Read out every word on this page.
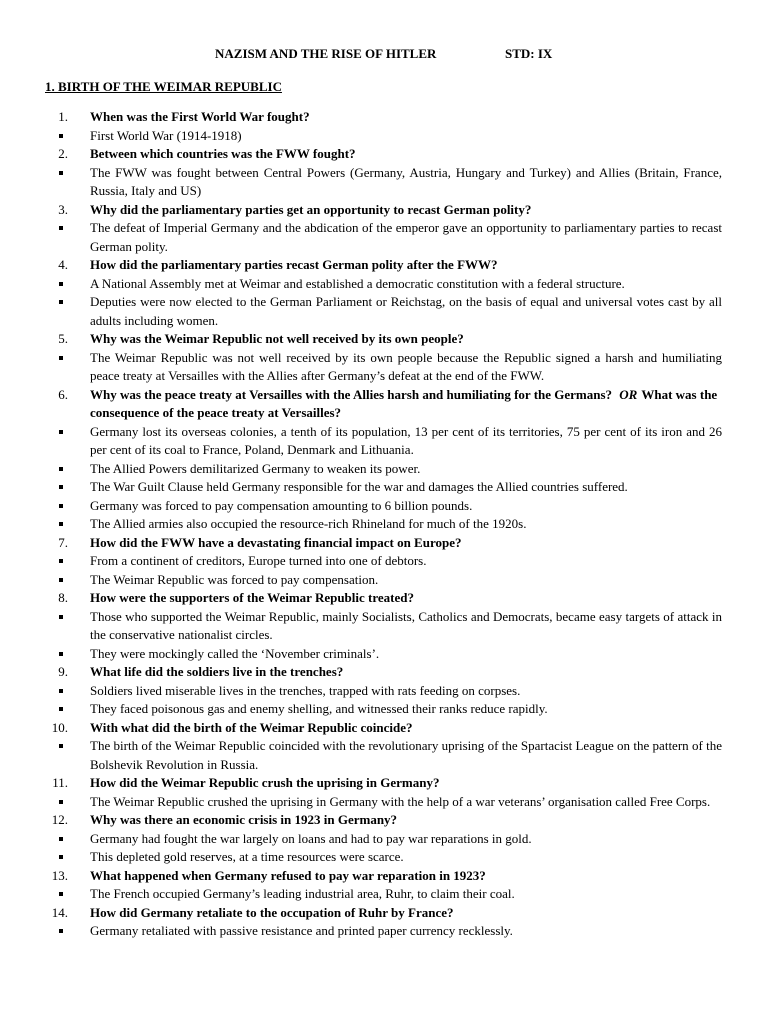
NAZISM AND THE RISE OF HITLER	STD: IX
1. BIRTH OF THE WEIMAR REPUBLIC
1. When was the First World War fought?
First World War (1914-1918)
2. Between which countries was the FWW fought?
The FWW was fought between Central Powers (Germany, Austria, Hungary and Turkey) and Allies (Britain, France, Russia, Italy and US)
3. Why did the parliamentary parties get an opportunity to recast German polity?
The defeat of Imperial Germany and the abdication of the emperor gave an opportunity to parliamentary parties to recast German polity.
4. How did the parliamentary parties recast German polity after the FWW?
A National Assembly met at Weimar and established a democratic constitution with a federal structure.
Deputies were now elected to the German Parliament or Reichstag, on the basis of equal and universal votes cast by all adults including women.
5. Why was the Weimar Republic not well received by its own people?
The Weimar Republic was not well received by its own people because the Republic signed a harsh and humiliating peace treaty at Versailles with the Allies after Germany’s defeat at the end of the FWW.
6. Why was the peace treaty at Versailles with the Allies harsh and humiliating for the Germans? OR What was the consequence of the peace treaty at Versailles?
Germany lost its overseas colonies, a tenth of its population, 13 per cent of its territories, 75 per cent of its iron and 26 per cent of its coal to France, Poland, Denmark and Lithuania.
The Allied Powers demilitarized Germany to weaken its power.
The War Guilt Clause held Germany responsible for the war and damages the Allied countries suffered.
Germany was forced to pay compensation amounting to 6 billion pounds.
The Allied armies also occupied the resource-rich Rhineland for much of the 1920s.
7. How did the FWW have a devastating financial impact on Europe?
From a continent of creditors, Europe turned into one of debtors.
The Weimar Republic was forced to pay compensation.
8. How were the supporters of the Weimar Republic treated?
Those who supported the Weimar Republic, mainly Socialists, Catholics and Democrats, became easy targets of attack in the conservative nationalist circles.
They were mockingly called the ‘November criminals’.
9. What life did the soldiers live in the trenches?
Soldiers lived miserable lives in the trenches, trapped with rats feeding on corpses.
They faced poisonous gas and enemy shelling, and witnessed their ranks reduce rapidly.
10. With what did the birth of the Weimar Republic coincide?
The birth of the Weimar Republic coincided with the revolutionary uprising of the Spartacist League on the pattern of the Bolshevik Revolution in Russia.
11. How did the Weimar Republic crush the uprising in Germany?
The Weimar Republic crushed the uprising in Germany with the help of a war veterans’ organisation called Free Corps.
12. Why was there an economic crisis in 1923 in Germany?
Germany had fought the war largely on loans and had to pay war reparations in gold.
This depleted gold reserves, at a time resources were scarce.
13. What happened when Germany refused to pay war reparation in 1923?
The French occupied Germany’s leading industrial area, Ruhr, to claim their coal.
14. How did Germany retaliate to the occupation of Ruhr by France?
Germany retaliated with passive resistance and printed paper currency recklessly.
